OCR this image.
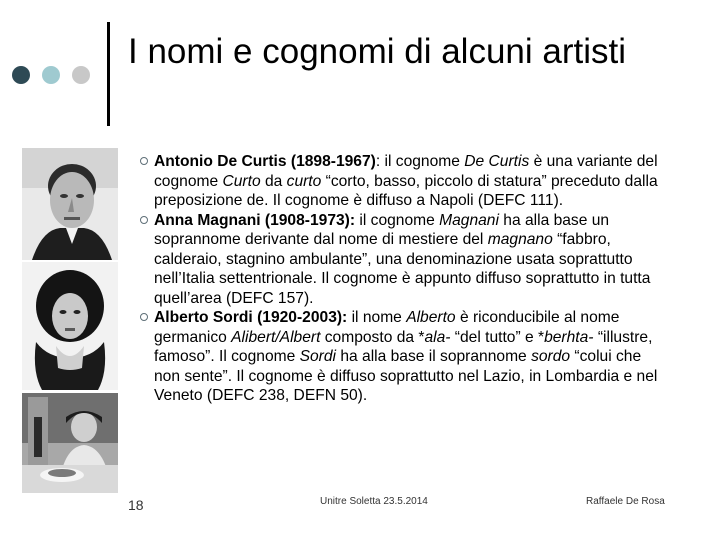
I nomi e cognomi di alcuni artisti
Antonio De Curtis (1898-1967): il cognome De Curtis è una variante del cognome Curto da curto “corto, basso, piccolo di statura” preceduto dalla preposizione de. Il cognome è diffuso a Napoli (DEFC 111).
Anna Magnani (1908-1973): il cognome Magnani ha alla base un soprannome derivante dal nome di mestiere del magnano “fabbro, calderaio, stagnino ambulante”, una denominazione usata soprattutto nell’Italia settentrionale. Il cognome è appunto diffuso soprattutto in tutta quell’area (DEFC 157).
Alberto Sordi (1920-2003): il nome Alberto è riconducibile al nome germanico Alibert/Albert composto da *ala- “del tutto” e *berhta- “illustre, famoso”. Il cognome Sordi ha alla base il soprannome sordo “colui che non sente”. Il cognome è diffuso soprattutto nel Lazio, in Lombardia e nel Veneto (DEFC 238, DEFN 50).
18	Unitre Soletta 23.5.2014	Raffaele De Rosa
